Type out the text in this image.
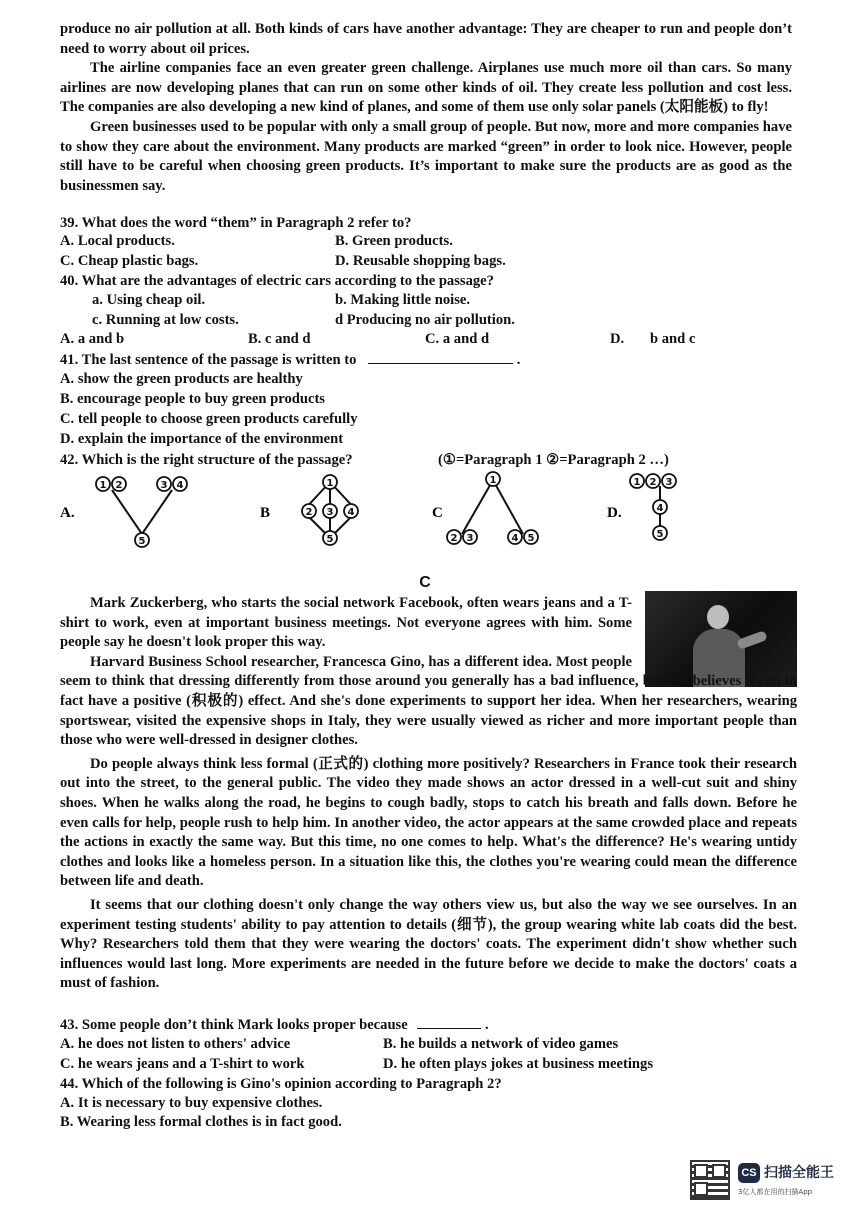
produce no air pollution at all. Both kinds of cars have another advantage: They are cheaper to run and people don’t need to worry about oil prices.

The airline companies face an even greater green challenge. Airplanes use much more oil than cars. So many airlines are now developing planes that can run on some other kinds of oil. They create less pollution and cost less. The companies are also developing a new kind of planes, and some of them use only solar panels (太阳能板) to fly!

Green businesses used to be popular with only a small group of people. But now, more and more companies have to show they care about the environment. Many products are marked “green” in order to look nice. However, people still have to be careful when choosing green products. It’s important to make sure the products are as good as the businessmen say.

39. What does the word “them” in Paragraph 2 refer to?

A. Local products.	B. Green products.
C. Cheap plastic bags.	D. Reusable shopping bags.

40. What are the advantages of electric cars according to the passage?

a. Using cheap oil.	b. Making little noise.
c. Running at low costs.	d Producing no air pollution.
A. a and b	B. c and d	C. a and d	D. b and c

41. The last sentence of the passage is written to	.

A. show the green products are healthy
B. encourage people to buy green products
C. tell people to choose green products carefully
D. explain the importance of the environment

42. Which is the right structure of the passage?	(①=Paragraph 1 ②=Paragraph 2 …)
A.
1 2	3 4
5
B
1
2 3 4
5
C
1
2 3	4 5
D.
1 2 3
4
5

C

Mark Zuckerberg, who starts the social network Facebook, often wears jeans and a T-shirt to work, even at important business meetings. Not everyone agrees with him. Some people say he doesn't look proper this way.

Harvard Business School researcher, Francesca Gino, has a different idea. Most people seem to think that dressing differently from those around you generally has a bad influence, but she believes it can in fact have a positive (积极的) effect. And she's done experiments to support her idea. When her researchers, wearing sportswear, visited the expensive shops in Italy, they were usually viewed as richer and more important people than those who were well-dressed in designer clothes.

Do people always think less formal (正式的) clothing more positively? Researchers in France took their research out into the street, to the general public. The video they made shows an actor dressed in a well-cut suit and shiny shoes. When he walks along the road, he begins to cough badly, stops to catch his breath and falls down. Before he even calls for help, people rush to help him. In another video, the actor appears at the same crowded place and repeats the actions in exactly the same way. But this time, no one comes to help. What's the difference? He's wearing untidy clothes and looks like a homeless person. In a situation like this, the clothes you're wearing could mean the difference between life and death.

It seems that our clothing doesn't only change the way others view us, but also the way we see ourselves. In an experiment testing students' ability to pay attention to details (细节), the group wearing white lab coats did the best. Why? Researchers told them that they were wearing the doctors' coats. The experiment didn't show whether such influences would last long. More experiments are needed in the future before we decide to make the doctors' coats a must of fashion.

43. Some people don’t think Mark looks proper because	.

A. he does not listen to others' advice	B. he builds a network of video games
C. he wears jeans and a T-shirt to work	D. he often plays jokes at business meetings

44. Which of the following is Gino's opinion according to Paragraph 2?

A. It is necessary to buy expensive clothes.
B. Wearing less formal clothes is in fact good.
CS 扫描全能王
3亿人都在用的扫描App
